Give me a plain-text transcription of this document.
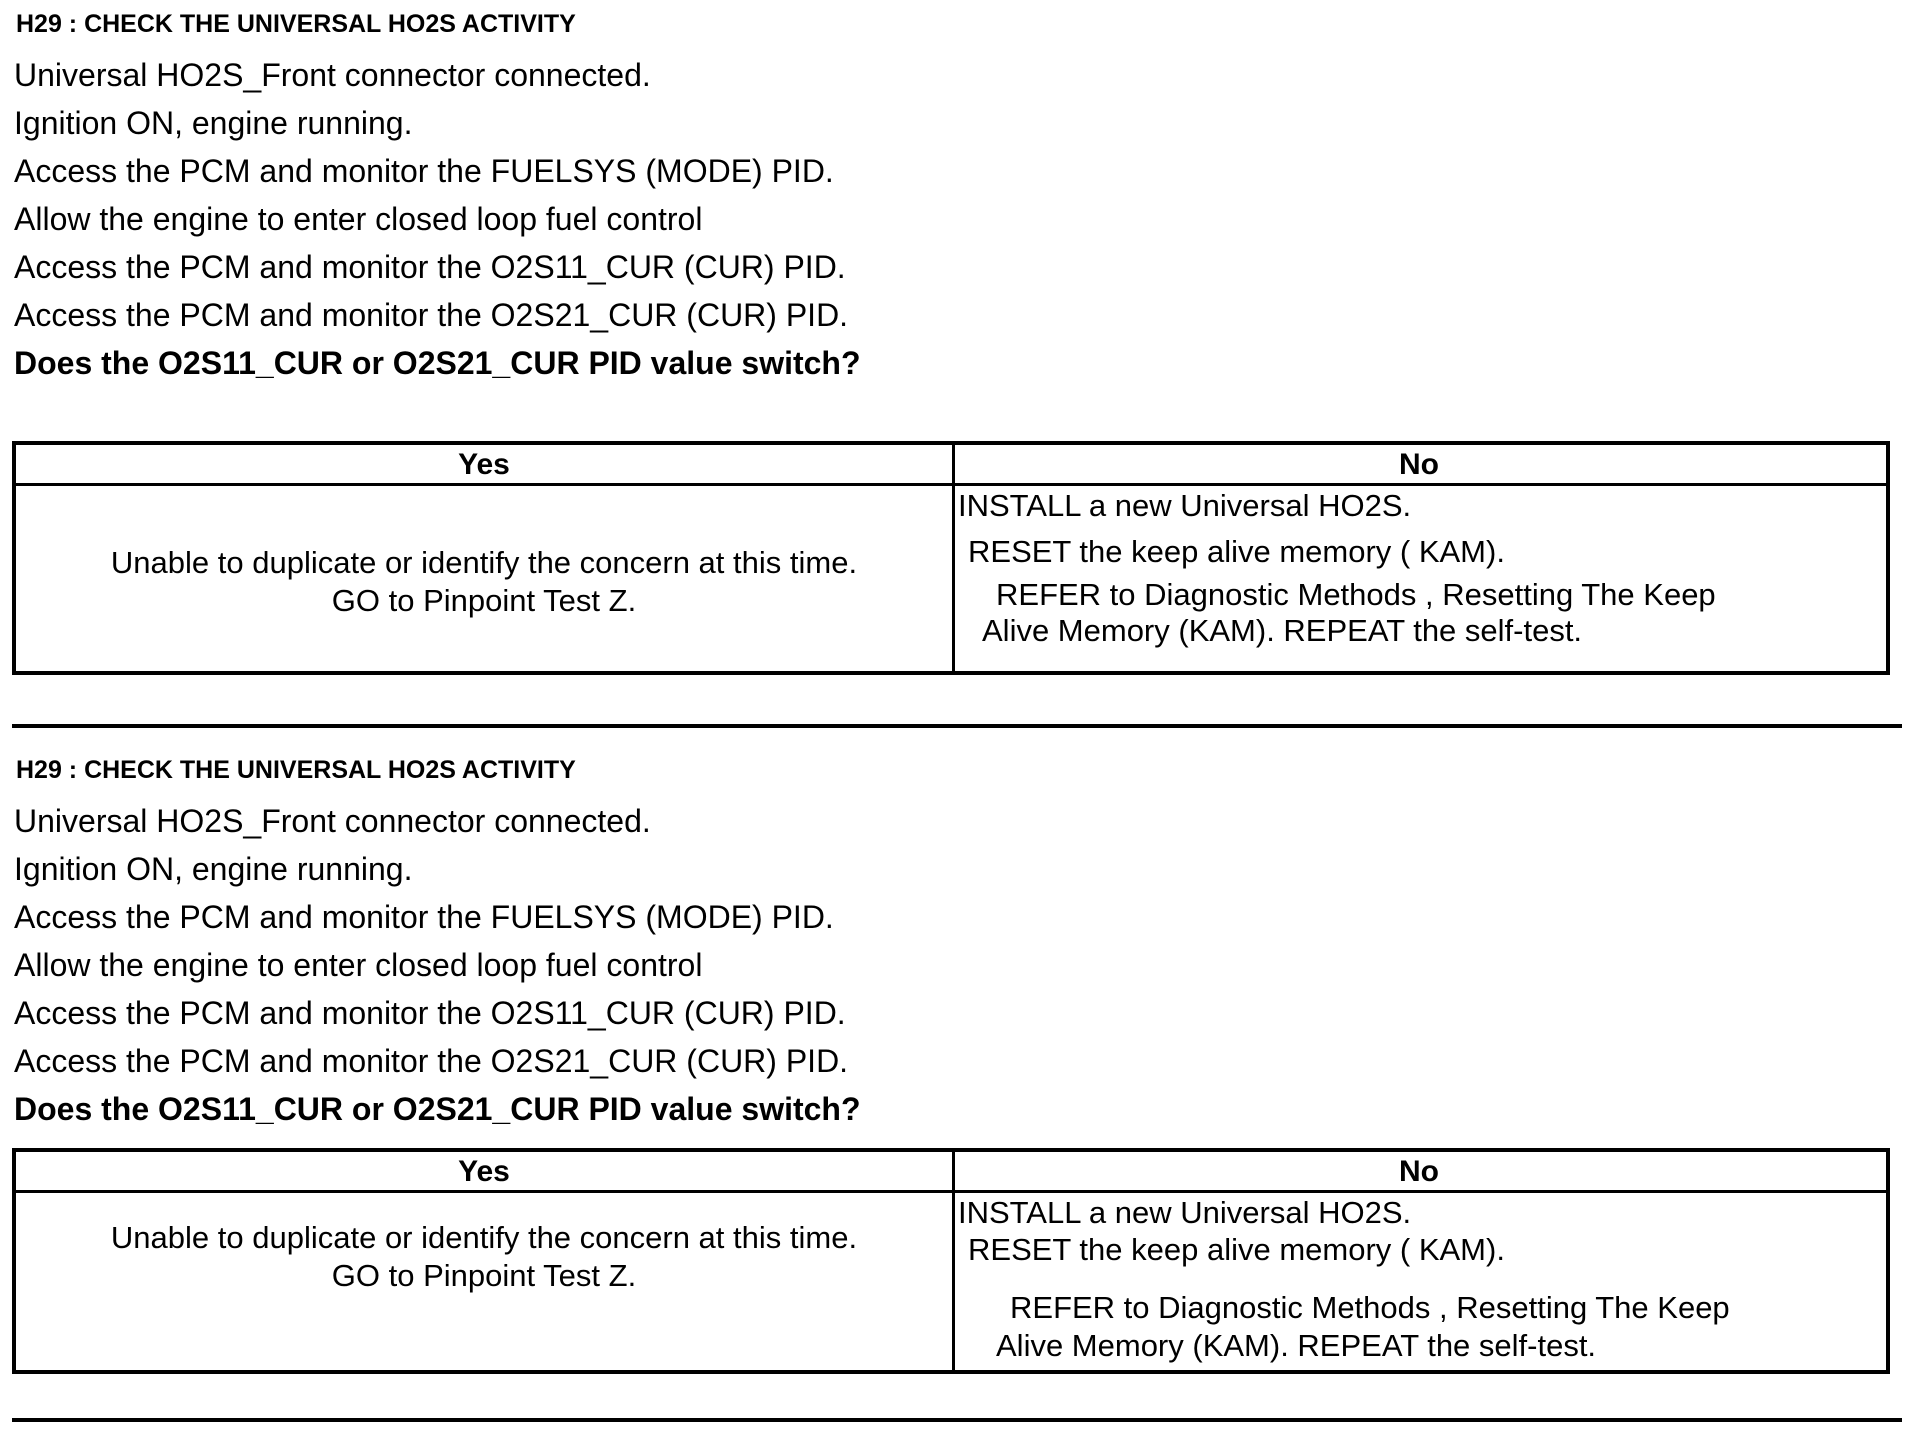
H29 : CHECK THE UNIVERSAL HO2S ACTIVITY
Universal HO2S_Front connector connected.
Ignition ON, engine running.
Access the PCM and monitor the FUELSYS (MODE) PID.
Allow the engine to enter closed loop fuel control
Access the PCM and monitor the O2S11_CUR (CUR) PID.
Access the PCM and monitor the O2S21_CUR (CUR) PID.
Does the O2S11_CUR or O2S21_CUR PID value switch?
Yes	No
Unable to duplicate or identify the concern at this time.
GO to Pinpoint Test Z.
INSTALL a new Universal HO2S.
RESET the keep alive memory ( KAM).
REFER to Diagnostic Methods , Resetting The Keep
Alive Memory (KAM). REPEAT the self-test.
H29 : CHECK THE UNIVERSAL HO2S ACTIVITY
Universal HO2S_Front connector connected.
Ignition ON, engine running.
Access the PCM and monitor the FUELSYS (MODE) PID.
Allow the engine to enter closed loop fuel control
Access the PCM and monitor the O2S11_CUR (CUR) PID.
Access the PCM and monitor the O2S21_CUR (CUR) PID.
Does the O2S11_CUR or O2S21_CUR PID value switch?
Yes	No
Unable to duplicate or identify the concern at this time.
GO to Pinpoint Test Z.
INSTALL a new Universal HO2S.
RESET the keep alive memory ( KAM).
REFER to Diagnostic Methods , Resetting The Keep
Alive Memory (KAM). REPEAT the self-test.
